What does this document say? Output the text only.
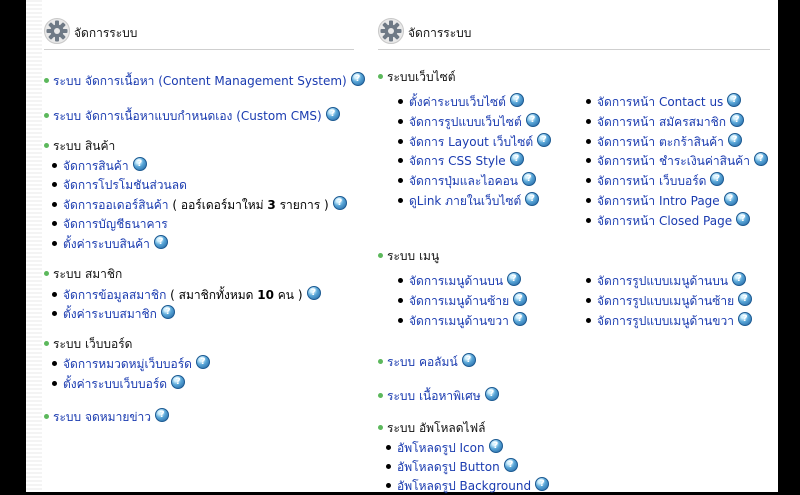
จัดการระบบ
ระบบ จัดการเนื้อหา (Content Management System) ?
ระบบ จัดการเนื้อหาแบบกำหนดเอง (Custom CMS) ?
ระบบ สินค้า
จัดการสินค้า ?
จัดการโปรโมชันส่วนลด
จัดการออเดอร์สินค้า ( ออร์เดอร์มาใหม่ 3 รายการ ) ?
จัดการบัญชีธนาคาร
ตั้งค่าระบบสินค้า ?
ระบบ สมาชิก
จัดการข้อมูลสมาชิก ( สมาชิกทั้งหมด 10 คน ) ?
ตั้งค่าระบบสมาชิก ?
ระบบ เว็บบอร์ด
จัดการหมวดหมู่เว็บบอร์ด ?
ตั้งค่าระบบเว็บบอร์ด ?
ระบบ จดหมายข่าว ?
จัดการระบบ
ระบบเว็บไซต์
ตั้งค่าระบบเว็บไซต์ ?
จัดการรูปแบบเว็บไซต์ ?
จัดการ Layout เว็บไซต์ ?
จัดการ CSS Style ?
จัดการปุ่มและไอคอน ?
ดูLink ภายในเว็บไซต์ ?
จัดการหน้า Contact us ?
จัดการหน้า สมัครสมาชิก ?
จัดการหน้า ตะกร้าสินค้า ?
จัดการหน้า ชำระเงินค่าสินค้า ?
จัดการหน้า เว็บบอร์ด ?
จัดการหน้า Intro Page ?
จัดการหน้า Closed Page ?
ระบบ เมนู
จัดการเมนูด้านบน ?
จัดการเมนูด้านซ้าย ?
จัดการเมนูด้านขวา ?
จัดการรูปแบบเมนูด้านบน ?
จัดการรูปแบบเมนูด้านซ้าย ?
จัดการรูปแบบเมนูด้านขวา ?
ระบบ คอลัมน์ ?
ระบบ เนื้อหาพิเศษ ?
ระบบ อัพโหลดไฟล์
อัพโหลดรูป Icon ?
อัพโหลดรูป Button ?
อัพโหลดรูป Background ?
